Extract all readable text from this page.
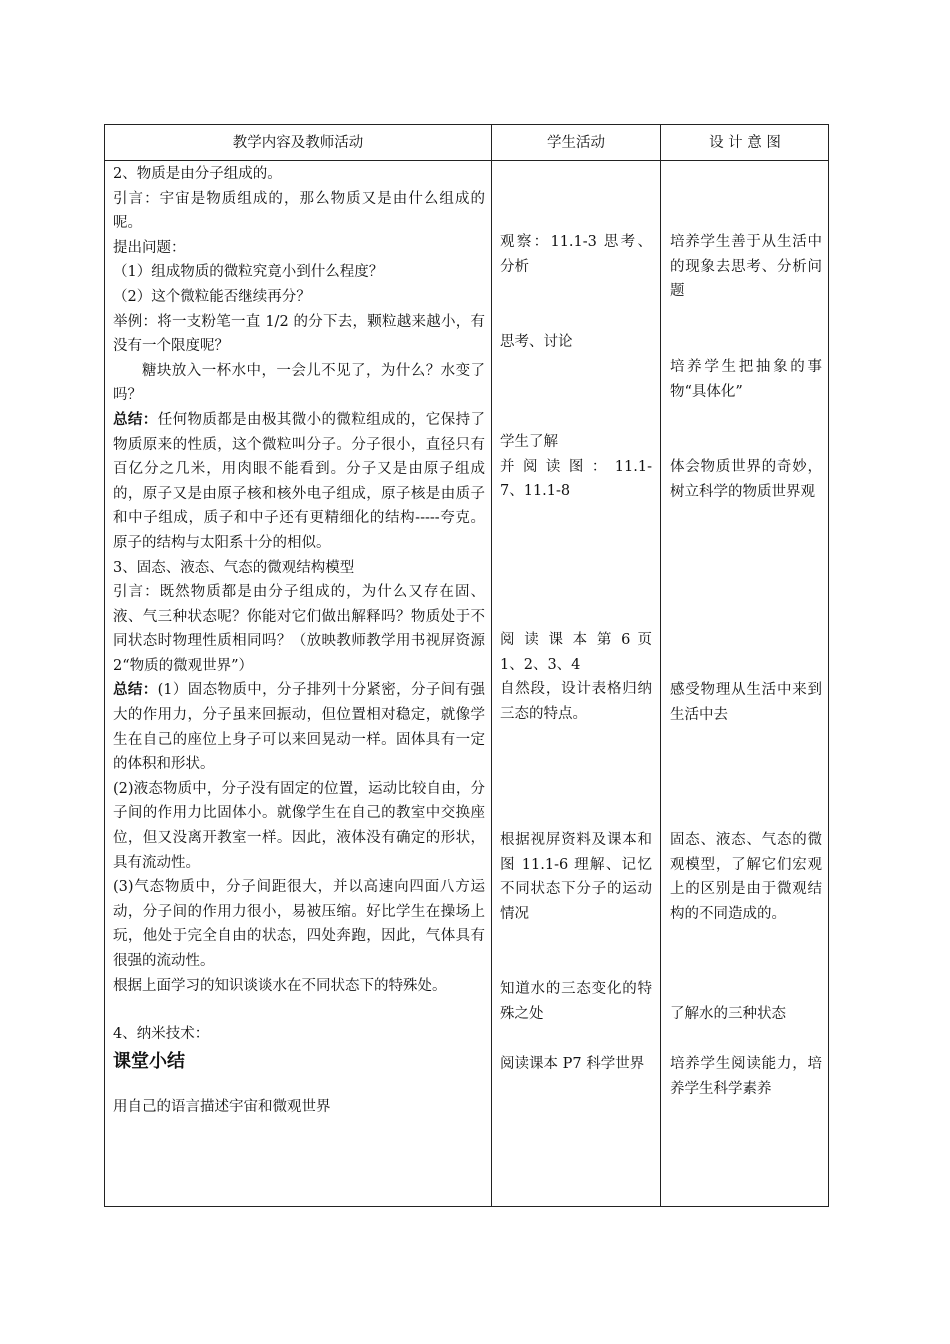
教学内容及教师活动	学生活动	设 计 意 图

2、物质是由分子组成的。

引言：宇宙是物质组成的，那么物质又是由什么组成的呢。

提出问题：

（1）组成物质的微粒究竟小到什么程度？

（2）这个微粒能否继续再分？

举例：将一支粉笔一直 1/2 的分下去，颗粒越来越小，有没有一个限度呢？

糖块放入一杯水中，一会儿不见了，为什么？水变了吗？

总结：任何物质都是由极其微小的微粒组成的，它保持了物质原来的性质，这个微粒叫分子。分子很小，直径只有百亿分之几米，用肉眼不能看到。分子又是由原子组成的，原子又是由原子核和核外电子组成，原子核是由质子和中子组成，质子和中子还有更精细化的结构-----夸克。原子的结构与太阳系十分的相似。

3、固态、液态、气态的微观结构模型

引言：既然物质都是由分子组成的，为什么又存在固、液、气三种状态呢？你能对它们做出解释吗？物质处于不同状态时物理性质相同吗？（放映教师教学用书视屏资源 2“物质的微观世界”）

总结：(1）固态物质中，分子排列十分紧密，分子间有强大的作用力，分子虽来回振动，但位置相对稳定，就像学生在自己的座位上身子可以来回晃动一样。固体具有一定的体积和形状。

(2)液态物质中，分子没有固定的位置，运动比较自由，分子间的作用力比固体小。就像学生在自己的教室中交换座位，但又没离开教室一样。因此，液体没有确定的形状，具有流动性。

(3)气态物质中，分子间距很大，并以高速向四面八方运动，分子间的作用力很小，易被压缩。好比学生在操场上玩，他处于完全自由的状态，四处奔跑，因此，气体具有很强的流动性。

根据上面学习的知识谈谈水在不同状态下的特殊处。

4、纳米技术：

课堂小结

用自己的语言描述宇宙和微观世界

观察：11.1-3 思考、分析

思考、讨论

学生了解

并 阅 读 图 ： 11.1-7、11.1-8

阅 读 课 本 第 6 页 1、2、3、4

自然段，设计表格归纳三态的特点。

根据视屏资料及课本和图 11.1-6 理解、记忆不同状态下分子的运动情况

知道水的三态变化的特殊之处

阅读课本 P7 科学世界

培养学生善于从生活中的现象去思考、分析问题

培养学生把抽象的事物“具体化”

体会物质世界的奇妙，树立科学的物质世界观

感受物理从生活中来到生活中去

固态、液态、气态的微观模型，了解它们宏观上的区别是由于微观结构的不同造成的。

了解水的三种状态

培养学生阅读能力，培养学生科学素养
